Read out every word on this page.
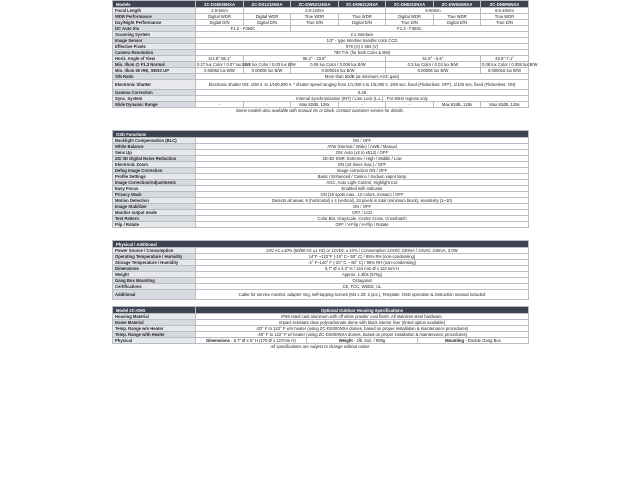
Models	ZC-DS5026NXA	ZC-DS1212NXA	ZC-DW5212NXA	ZC-DW6212NXA	ZC-DN5310NXA	ZC-DW5G5NXA	ZC-DN5R5NXA
Focal Length	2.8-5mm	2.8-12mm			5-50mm		8.5-40mm
WDR Performance	Digital WDR	Digital WDR	True WDR	True WDR	Digital WDR	True WDR	True WDR
Day/Night Performance	Digital D/N	Digital D/N	True D/N	Digital D/N	True D/N	Digital D/N	True D/N
DC Auto Iris	F1.2 - F360C		F1.3 - F360C				
Scanning System	2:1 Interlace						
Image Sensor	1/3" - type Interline transfer color CCD						
Effective Pixels	976 (H) x 494 (V)						
Camera Resolution	700 TVL (for both Color & BW)						
Horiz. Angle of View	114.8°-56.1°	98.2° - 23.8°			51.8° - 5.6°		33.5°-7.1°
Min. Illum @ F1.3 Normal	0.27 lux Color / 0.07 lux B/W	0.3 lux Color / 0.03 lux B/W	0.08 lux Color / 0.008 lux B/W		0.3 lux Color / 0.03 lux B/W		0.08 lux Color / 0.008 lux B/W
Min. Illum 50 IRE, SENS UP	0.00052 lux B/W	0.00006 lux B/W	0.000016 lux B/W		0.00006 lux B/W		0.000016 lux B/W
S/N Ratio	More than 50dB (at minimum AGC gain)						
Electronic Shutter	Electronic shutter ON: 1/60 s. to 1/100,000 s. * shutter speed ranging from 1/1,000 s to 1/5,000 s, 1/60 sec. fixed (Flickerless: OFF), 1/100 sec. fixed (Flickerless: ON)						
Gamma Correction	0.45						
Sync. System	Internal synchronization (INT) / Line Lock (L.L.) : For 60Hz regions only						
Wide Dynamic Range	-	-	Max 82dB, 128x	-	-	Max 82dB, 128x	Max 82dB, 128x
Some models also available with manual iris or black. Contact customer service for details.
OSD Functions	
Backlight Compensation (BLC)	ON / OFF
White Balance	ATW (Normal / Wide) / AWB / Manual
Sens Up	ON: Auto (x2 to x512) / OFF
2D/ 3D Digital Noise Reduction	2D-3D DNR: Extreme / High / Middle / Low
Electronic Zoom	ON (16 times max.) / OFF
Defog Image Correction	Image correction ON / OFF
Profile Settings	Basic / Enhanced / Casino / Sodium vapor lamp
Image Correction/Adjustments	AGC, Auto Light Control, Highlight Cut
Easy Focus	Enabled with indicator
Privacy Mask	ON (16 spots max., 10 colors, mosaic) / OFF
Motion Detection	Detects all areas. 6 (horizontal) x 4 (vertical), 24 pixels in total (minimum block), sensitivity (1~10)
Image Stabilizer	ON / OFF
Monitor output mode	CRT / LCD
Test Pattern	Color Bar, Grayscale, Center Cross, Crosshatch
Flip / Rotate	OFF / V-Flip / H-Flip / Rotate
Physical / Additional	
Power Source / Consumption	24V AC ±10% (50/60 Hz ±1 Hz) or 12VDC ± 10% / Consumption 12VDC 230mA / 24VAC 240mA, 3.0W
Operating Temperature / Humidity	14°F ~122°F (-10° C~ 50° C) / 85% RH (non-condensing)
Storage Temperature / Humidity	-4° F~140° F (-20° C ~ 60° C) / 95% RH (non-condensing)
Dimensions	5.7" Ø x 4.3" H / 144 mm Ø x 110 mm H
Weight	Approx. 1.3lbs (570g)
Gang Box Mounting	Octagonal
Certifications	CE, FCC, WEEE, UL
Additional	Cable for service monitor, adapter ring, self-tapping screws (M4 x 20: 2 pcs.), Template, OSD operation & instruction manual included
Model ZC-OHS	Optional Outdoor Housing Specifications		
Housing Material	IP66 rated cast aluminum with off white powder coat finish. All stainless steel hardware.		
Dome Material	Impact-resistant clear polycarbonate dome with black interior liner (tinted option available)		
Temp. Range w/o Heater	-20° F to 122° F w/o heater (using ZC-DS000NXA domes, based on proper installation & maintenance procedures)		
Temp. Range with Heater	-40° F to 122° F w/ heater (using ZC-DS000NXA domes, based on proper installation & maintenance procedures)		
Physical	Dimensions - 6.7" Ø x 5" H (170 Ø x 127mm H)	Weight - 2lb. 5oz. / 908g	Mounting - Double Gang Box
All specifications are subject to change without notice
